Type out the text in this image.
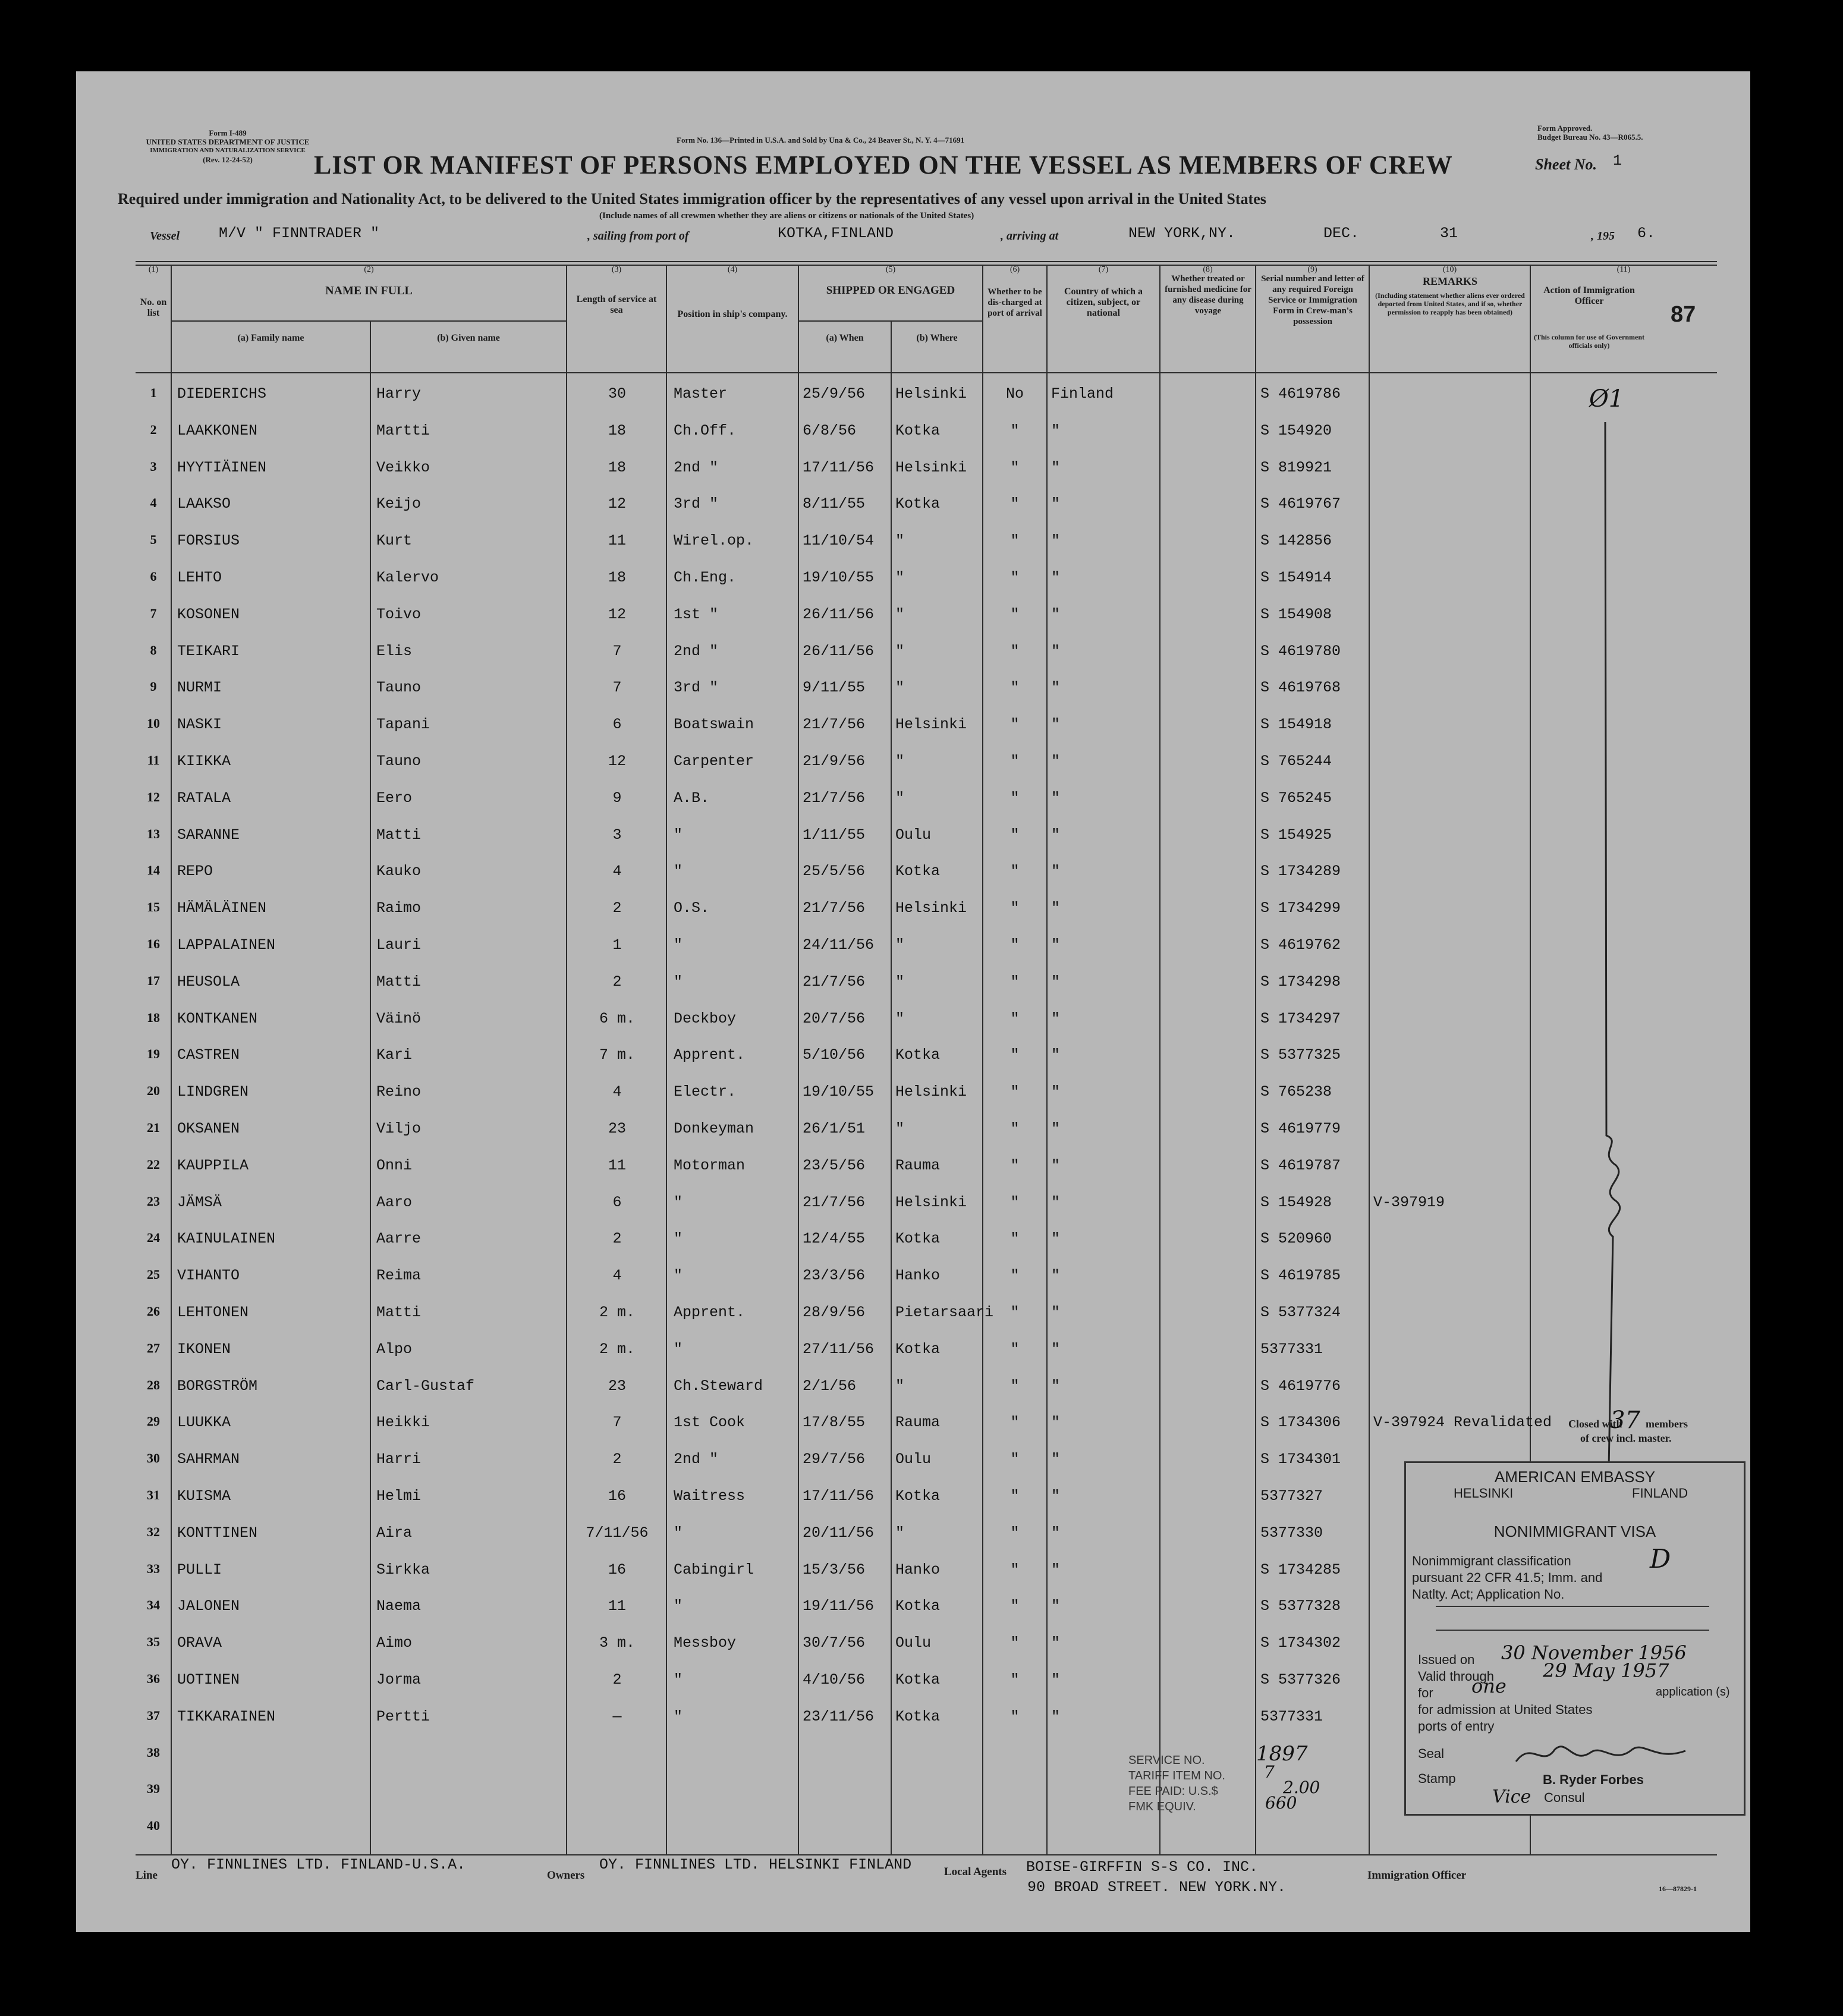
Form I-489
UNITED STATES DEPARTMENT OF JUSTICE
IMMIGRATION AND NATURALIZATION SERVICE
(Rev. 12-24-52)
Form No. 136—Printed in U.S.A. and Sold by Una & Co., 24 Beaver St., N. Y. 4—71691
Form Approved.
Budget Bureau No. 43—R065.5.
LIST OR MANIFEST OF PERSONS EMPLOYED ON THE VESSEL AS MEMBERS OF CREW	Sheet No. 1
Required under immigration and Nationality Act, to be delivered to the United States immigration officer by the representatives of any vessel upon arrival in the United States
(Include names of all crewmen whether they are aliens or citizens or nationals of the United States)
Vessel	M/V " FINNTRADER "	, sailing from port of	KOTKA,FINLAND	, arriving at	NEW YORK,NY.	DEC.	31	, 195 6.
(1)	(2)	(3)	(4)	(5)	(6)	(7)	(8)	(9)	(10)	(11)
No. on list
NAME IN FULL
(a) Family name	(b) Given name
Length of service at sea	Position in ship's company.
SHIPPED OR ENGAGED
(a) When	(b) Where
Whether to be dis-charged at port of arrival
Country of which a citizen, subject, or national
Whether treated or furnished medicine for any disease during voyage
Serial number and letter of any required Foreign Service or Immigration Form in Crew-man's possession
REMARKS
(Including statement whether aliens ever ordered deported from United States, and if so, whether permission to reapply has been obtained)
Action of Immigration Officer
(This column for use of Government officials only)
87
1	DIEDERICHS	Harry	30	Master	25/9/56	Helsinki	No	Finland	S 4619786
2	LAAKKONEN	Martti	18	Ch.Off.	6/8/56	Kotka	"	"	S 154920
3	HYYTIÄINEN	Veikko	18	2nd "	17/11/56	Helsinki	"	"	S 819921
4	LAAKSO	Keijo	12	3rd "	8/11/55	Kotka	"	"	S 4619767
5	FORSIUS	Kurt	11	Wirel.op.	11/10/54	"	"	"	S 142856
6	LEHTO	Kalervo	18	Ch.Eng.	19/10/55	"	"	"	S 154914
7	KOSONEN	Toivo	12	1st "	26/11/56	"	"	"	S 154908
8	TEIKARI	Elis	7	2nd "	26/11/56	"	"	"	S 4619780
9	NURMI	Tauno	7	3rd "	9/11/55	"	"	"	S 4619768
10	NASKI	Tapani	6	Boatswain	21/7/56	Helsinki	"	"	S 154918
11	KIIKKA	Tauno	12	Carpenter	21/9/56	"	"	"	S 765244
12	RATALA	Eero	9	A.B.	21/7/56	"	"	"	S 765245
13	SARANNE	Matti	3	"	1/11/55	Oulu	"	"	S 154925
14	REPO	Kauko	4	"	25/5/56	Kotka	"	"	S 1734289
15	HÄMÄLÄINEN	Raimo	2	O.S.	21/7/56	Helsinki	"	"	S 1734299
16	LAPPALAINEN	Lauri	1	"	24/11/56	"	"	"	S 4619762
17	HEUSOLA	Matti	2	"	21/7/56	"	"	"	S 1734298
18	KONTKANEN	Väinö	6 m.	Deckboy	20/7/56	"	"	"	S 1734297
19	CASTREN	Kari	7 m.	Apprent.	5/10/56	Kotka	"	"	S 5377325
20	LINDGREN	Reino	4	Electr.	19/10/55	Helsinki	"	"	S 765238
21	OKSANEN	Viljo	23	Donkeyman	26/1/51	"	"	"	S 4619779
22	KAUPPILA	Onni	11	Motorman	23/5/56	Rauma	"	"	S 4619787
23	JÄMSÄ	Aaro	6	"	21/7/56	Helsinki	"	"	S 154928	V-397919
24	KAINULAINEN	Aarre	2	"	12/4/55	Kotka	"	"	S 520960
25	VIHANTO	Reima	4	"	23/3/56	Hanko	"	"	S 4619785
26	LEHTONEN	Matti	2 m.	Apprent.	28/9/56	Pietarsaari	"	"	S 5377324
27	IKONEN	Alpo	2 m.	"	27/11/56	Kotka	"	"	5377331
28	BORGSTRÖM	Carl-Gustaf	23	Ch.Steward	2/1/56	"	"	"	S 4619776
29	LUUKKA	Heikki	7	1st Cook	17/8/55	Rauma	"	"	S 1734306	V-397924 Revalidated
30	SAHRMAN	Harri	2	2nd "	29/7/56	Oulu	"	"	S 1734301
31	KUISMA	Helmi	16	Waitress	17/11/56	Kotka	"	"	5377327
32	KONTTINEN	Aira	7/11/56	"	20/11/56	"	"	"	5377330
33	PULLI	Sirkka	16	Cabingirl	15/3/56	Hanko	"	"	S 1734285
34	JALONEN	Naema	11	"	19/11/56	Kotka	"	"	S 5377328
35	ORAVA	Aimo	3 m.	Messboy	30/7/56	Oulu	"	"	S 1734302
36	UOTINEN	Jorma	2	"	4/10/56	Kotka	"	"	S 5377326
37	TIKKARAINEN	Pertti	—	"	23/11/56	Kotka	"	"	5377331
38
39
40
Ø1
Closed with
37 members
of crew incl. master.
AMERICAN EMBASSY
HELSINKI	FINLAND
NONIMMIGRANT VISA
Nonimmigrant classification	D
pursuant 22 CFR 41.5; Imm. and
Natlty. Act; Application No.
Issued on 30 November 1956
Valid through	29 May 1957
for one	application (s)
for admission at United States
ports of entry
Seal
Stamp	B. Ryder Forbes
Vice Consul
SERVICE NO.
TARIFF ITEM NO.
FEE PAID: U.S.$
FMK EQUIV.
1897
7
2.00
660
Line
OY. FINNLINES LTD. FINLAND-U.S.A.
Owners
OY. FINNLINES LTD. HELSINKI FINLAND	Local Agents BOISE-GIRFFIN S-S CO. INC.
90 BROAD STREET. NEW YORK.NY.
Immigration Officer
16—87829-1
